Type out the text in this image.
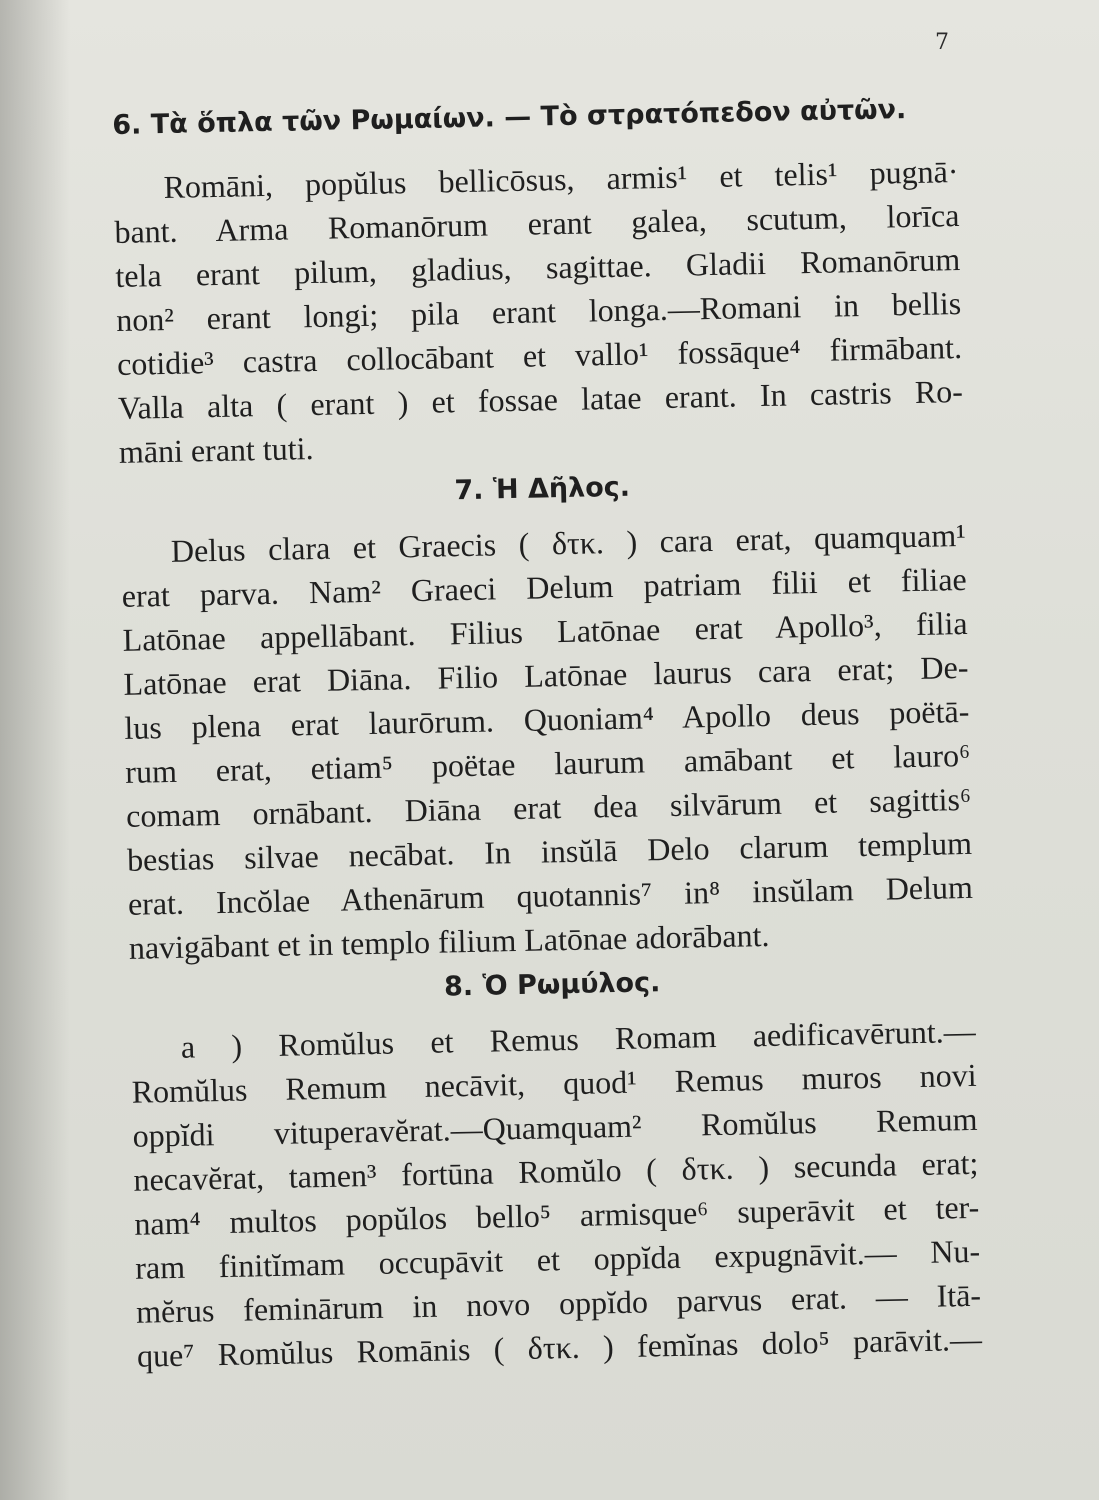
7
6. Τὰ ὅπλα τῶν Ρωμαίων. — Τὸ στρατόπεδον αὐτῶν.
Romāni, popŭlus bellicōsus, armis¹ et telis¹ pugnā·
bant. Arma Romanōrum erant galea, scutum, lorīca
tela erant pilum, gladius, sagittae. Gladii Romanōrum
non² erant longi; pila erant longa.—Romani in bellis
cotidie³ castra collocābant et vallo¹ fossāque⁴ firmābant.
Valla alta ( erant ) et fossae latae erant. In castris Ro-
māni erant tuti.
7. Ἡ Δῆλος.
Delus clara et Graecis ( δτκ. ) cara erat, quamquam¹
erat parva. Nam² Graeci Delum patriam filii et filiae
Latōnae appellābant. Filius Latōnae erat Apollo³, filia
Latōnae erat Diāna. Filio Latōnae laurus cara erat; De-
lus plena erat laurōrum. Quoniam⁴ Apollo deus poëtā-
rum erat, etiam⁵ poëtae laurum amābant et lauro⁶
comam ornābant. Diāna erat dea silvārum et sagittis⁶
bestias silvae necābat. In insŭlā Delo clarum templum
erat. Incŏlae Athenārum quotannis⁷ in⁸ insŭlam Delum
navigābant et in templo filium Latōnae adorābant.
8. Ὁ Ρωμύλος.
a ) Romŭlus et Remus Romam aedificavērunt.—
Romŭlus Remum necāvit, quod¹ Remus muros novi
oppĭdi vituperavĕrat.—Quamquam² Romŭlus Remum
necavĕrat, tamen³ fortūna Romŭlo ( δτκ. ) secunda erat;
nam⁴ multos popŭlos bello⁵ armisque⁶ superāvit et ter-
ram finitĭmam occupāvit et oppĭda expugnāvit.— Nu-
mĕrus feminārum in novo oppĭdo parvus erat. — Itā-
que⁷ Romŭlus Romānis ( δτκ. ) femĭnas dolo⁵ parāvit.—
